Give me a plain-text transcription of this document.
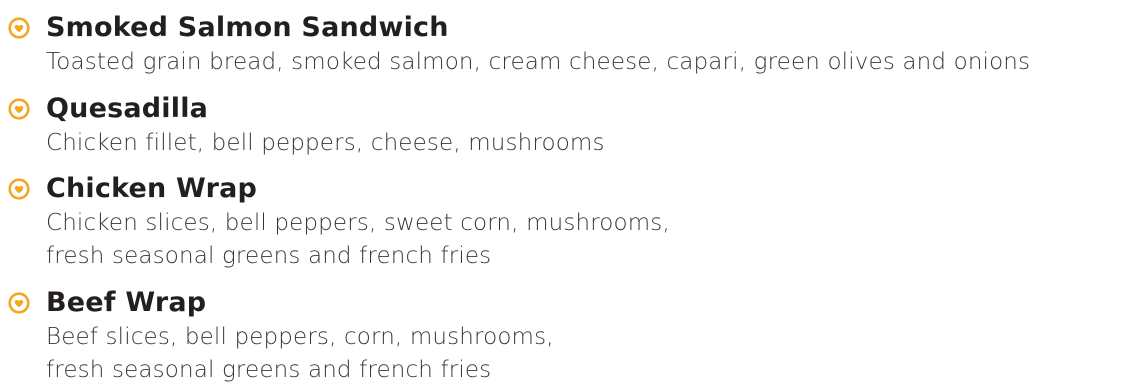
Smoked Salmon Sandwich
Toasted grain bread, smoked salmon, cream cheese, capari, green olives and onions
Quesadilla
Chicken fillet, bell peppers, cheese, mushrooms
Chicken Wrap
Chicken slices, bell peppers, sweet corn, mushrooms,
fresh seasonal greens and french fries
Beef Wrap
Beef slices, bell peppers, corn, mushrooms,
fresh seasonal greens and french fries
